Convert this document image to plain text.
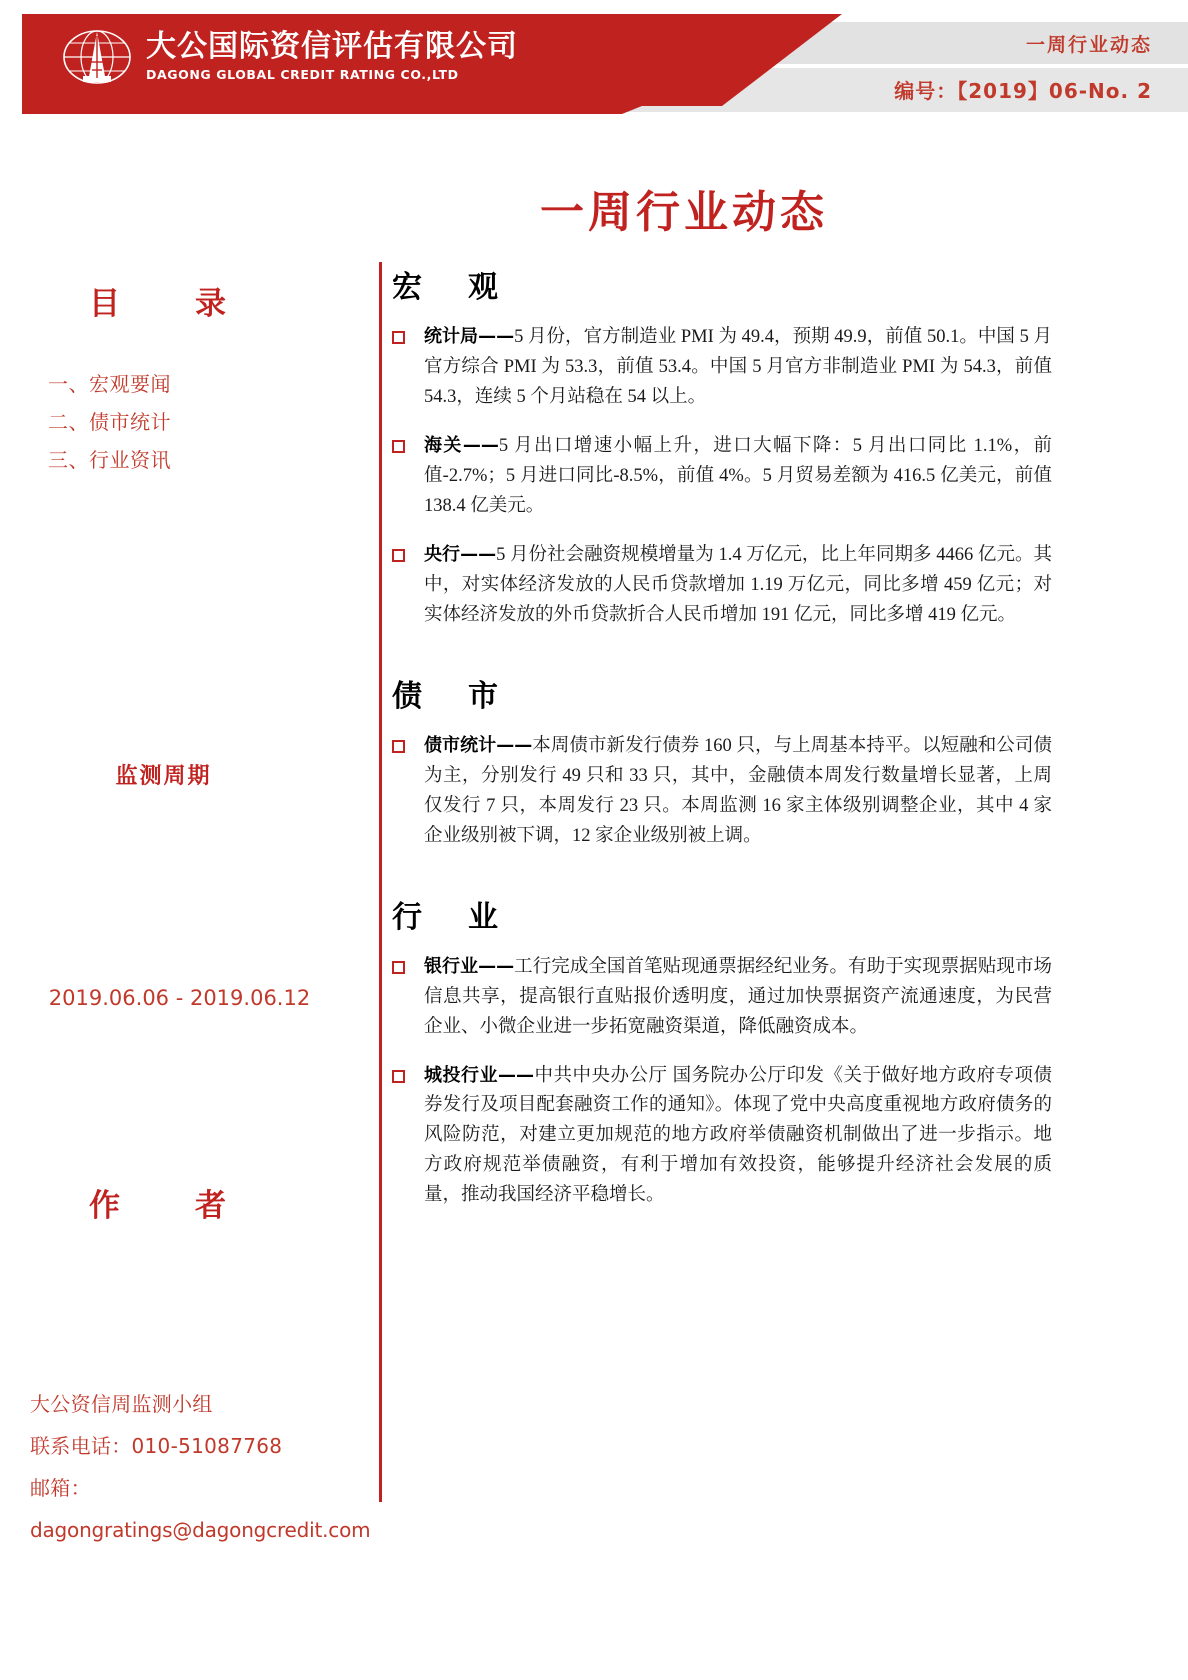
大公国际资信评估有限公司
DAGONG GLOBAL CREDIT RATING CO.,LTD
一周行业动态
编号：【2019】06-No. 2
一周行业动态
目　录
一、宏观要闻
二、债市统计
三、行业资讯
监测周期
2019.06.06 - 2019.06.12
作　者
大公资信周监测小组
联系电话：010-51087768
邮箱：
dagongratings@dagongcredit.com
宏　观
统计局——5 月份，官方制造业 PMI 为 49.4，预期 49.9，前值 50.1。中国 5 月官方综合 PMI 为 53.3，前值 53.4。中国 5 月官方非制造业 PMI 为 54.3，前值 54.3，连续 5 个月站稳在 54 以上。
海关——5 月出口增速小幅上升，进口大幅下降：5 月出口同比 1.1%，前值-2.7%；5 月进口同比-8.5%，前值 4%。5 月贸易差额为 416.5 亿美元，前值 138.4 亿美元。
央行——5 月份社会融资规模增量为 1.4 万亿元，比上年同期多 4466 亿元。其中，对实体经济发放的人民币贷款增加 1.19 万亿元，同比多增 459 亿元；对实体经济发放的外币贷款折合人民币增加 191 亿元，同比多增 419 亿元。
债　市
债市统计——本周债市新发行债券 160 只，与上周基本持平。以短融和公司债为主，分别发行 49 只和 33 只，其中，金融债本周发行数量增长显著，上周仅发行 7 只，本周发行 23 只。本周监测 16 家主体级别调整企业，其中 4 家企业级别被下调，12 家企业级别被上调。
行　业
银行业——工行完成全国首笔贴现通票据经纪业务。有助于实现票据贴现市场信息共享，提高银行直贴报价透明度，通过加快票据资产流通速度，为民营企业、小微企业进一步拓宽融资渠道，降低融资成本。
城投行业——中共中央办公厅 国务院办公厅印发《关于做好地方政府专项债券发行及项目配套融资工作的通知》。体现了党中央高度重视地方政府债务的风险防范，对建立更加规范的地方政府举债融资机制做出了进一步指示。地方政府规范举债融资，有利于增加有效投资，能够提升经济社会发展的质量，推动我国经济平稳增长。
